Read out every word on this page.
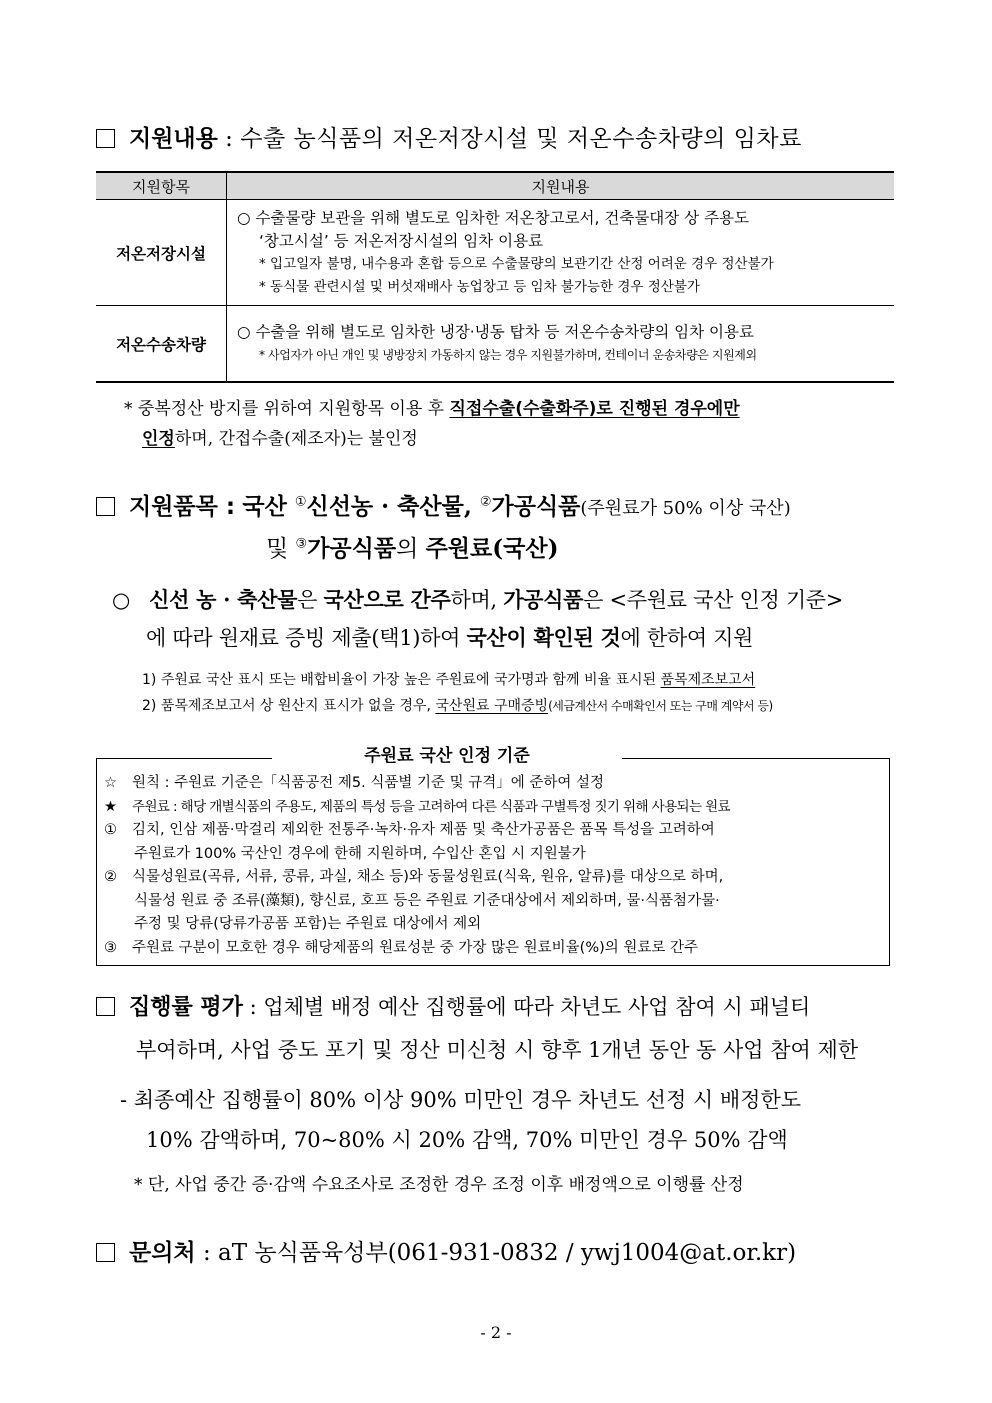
지원내용 : 수출 농식품의 저온저장시설 및 저온수송차량의 임차료
지원항목	지원내용
저온저장시설	○ 수출물량 보관을 위해 별도로 임차한 저온창고로서, 건축물대장 상 주용도
‘창고시설’ 등 저온저장시설의 임차 이용료
* 입고일자 불명, 내수용과 혼합 등으로 수출물량의 보관기간 산정 어려운 경우 정산불가
* 동식물 관련시설 및 버섯재배사 농업창고 등 임차 불가능한 경우 정산불가

저온수송차량	○ 수출을 위해 별도로 임차한 냉장·냉동 탑차 등 저온수송차량의 임차 이용료
* 사업자가 아닌 개인 및 냉방장치 가동하지 않는 경우 지원불가하며, 컨테이너 운송차량은 지원제외
* 중복정산 방지를 위하여 지원항목 이용 후 직접수출(수출화주)로 진행된 경우에만
인정하며, 간접수출(제조자)는 불인정
지원품목 : 국산 ①신선농 · 축산물, ②가공식품(주원료가 50% 이상 국산)
및 ③가공식품의 주원료(국산)
○ 신선 농 · 축산물은 국산으로 간주하며, 가공식품은 <주원료 국산 인정 기준>
에 따라 원재료 증빙 제출(택1)하여 국산이 확인된 것에 한하여 지원
1) 주원료 국산 표시 또는 배합비율이 가장 높은 주원료에 국가명과 함께 비율 표시된 품목제조보고서
2) 품목제조보고서 상 원산지 표시가 없을 경우, 국산원료 구매증빙(세금계산서 수매확인서 또는 구매 계약서 등)
주원료 국산 인정 기준
☆ 원칙 : 주원료 기준은「식품공전 제5. 식품별 기준 및 규격」에 준하여 설정
★ 주원료 : 해당 개별식품의 주용도, 제품의 특성 등을 고려하여 다른 식품과 구별특정 짓기 위해 사용되는 원료
① 김치, 인삼 제품·막걸리 제외한 전통주·녹차·유자 제품 및 축산가공품은 품목 특성을 고려하여
주원료가 100% 국산인 경우에 한해 지원하며, 수입산 혼입 시 지원불가
② 식물성원료(곡류, 서류, 콩류, 과실, 채소 등)와 동물성원료(식육, 원유, 알류)를 대상으로 하며,
식물성 원료 중 조류(藻類), 향신료, 호프 등은 주원료 기준대상에서 제외하며, 물·식품첨가물·
주정 및 당류(당류가공품 포함)는 주원료 대상에서 제외
③ 주원료 구분이 모호한 경우 해당제품의 원료성분 중 가장 많은 원료비율(%)의 원료로 간주
집행률 평가 : 업체별 배정 예산 집행률에 따라 차년도 사업 참여 시 패널티
부여하며, 사업 중도 포기 및 정산 미신청 시 향후 1개년 동안 동 사업 참여 제한
- 최종예산 집행률이 80% 이상 90% 미만인 경우 차년도 선정 시 배정한도
10% 감액하며, 70~80% 시 20% 감액, 70% 미만인 경우 50% 감액
* 단, 사업 중간 증·감액 수요조사로 조정한 경우 조정 이후 배정액으로 이행률 산정
문의처 : aT 농식품육성부(061-931-0832 / ywj1004@at.or.kr)
- 2 -
